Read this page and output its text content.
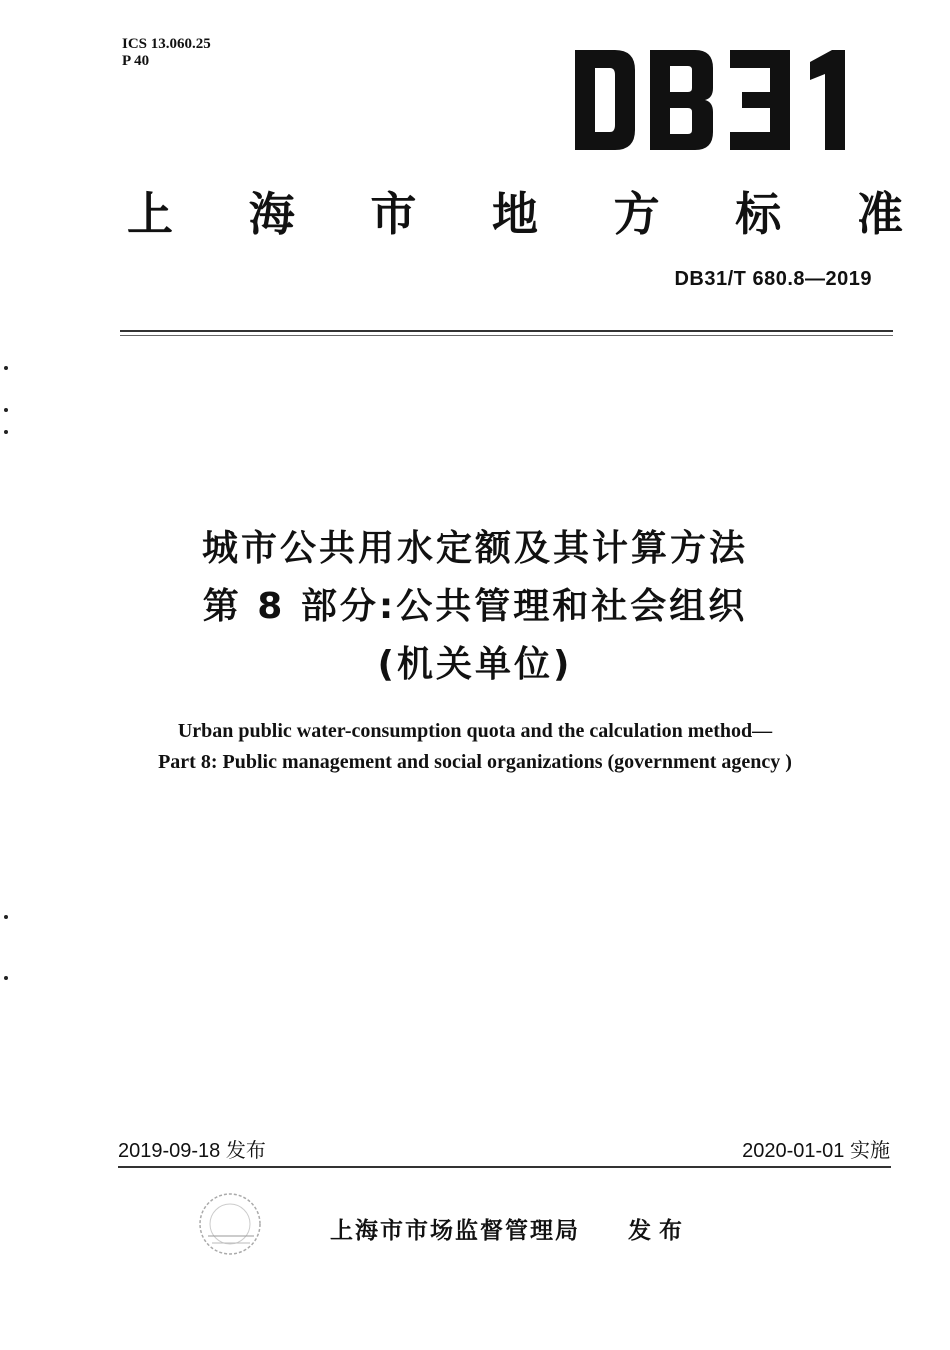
ICS 13.060.25
P 40
上 海 市 地 方 标 准
DB31/T 680.8—2019
城市公共用水定额及其计算方法
第 8 部分:公共管理和社会组织
(机关单位)
Urban public water-consumption quota and the calculation method—
Part 8: Public management and social organizations (government agency )
2019-09-18 发布	2020-01-01 实施
上海市市场监督管理局 发布
